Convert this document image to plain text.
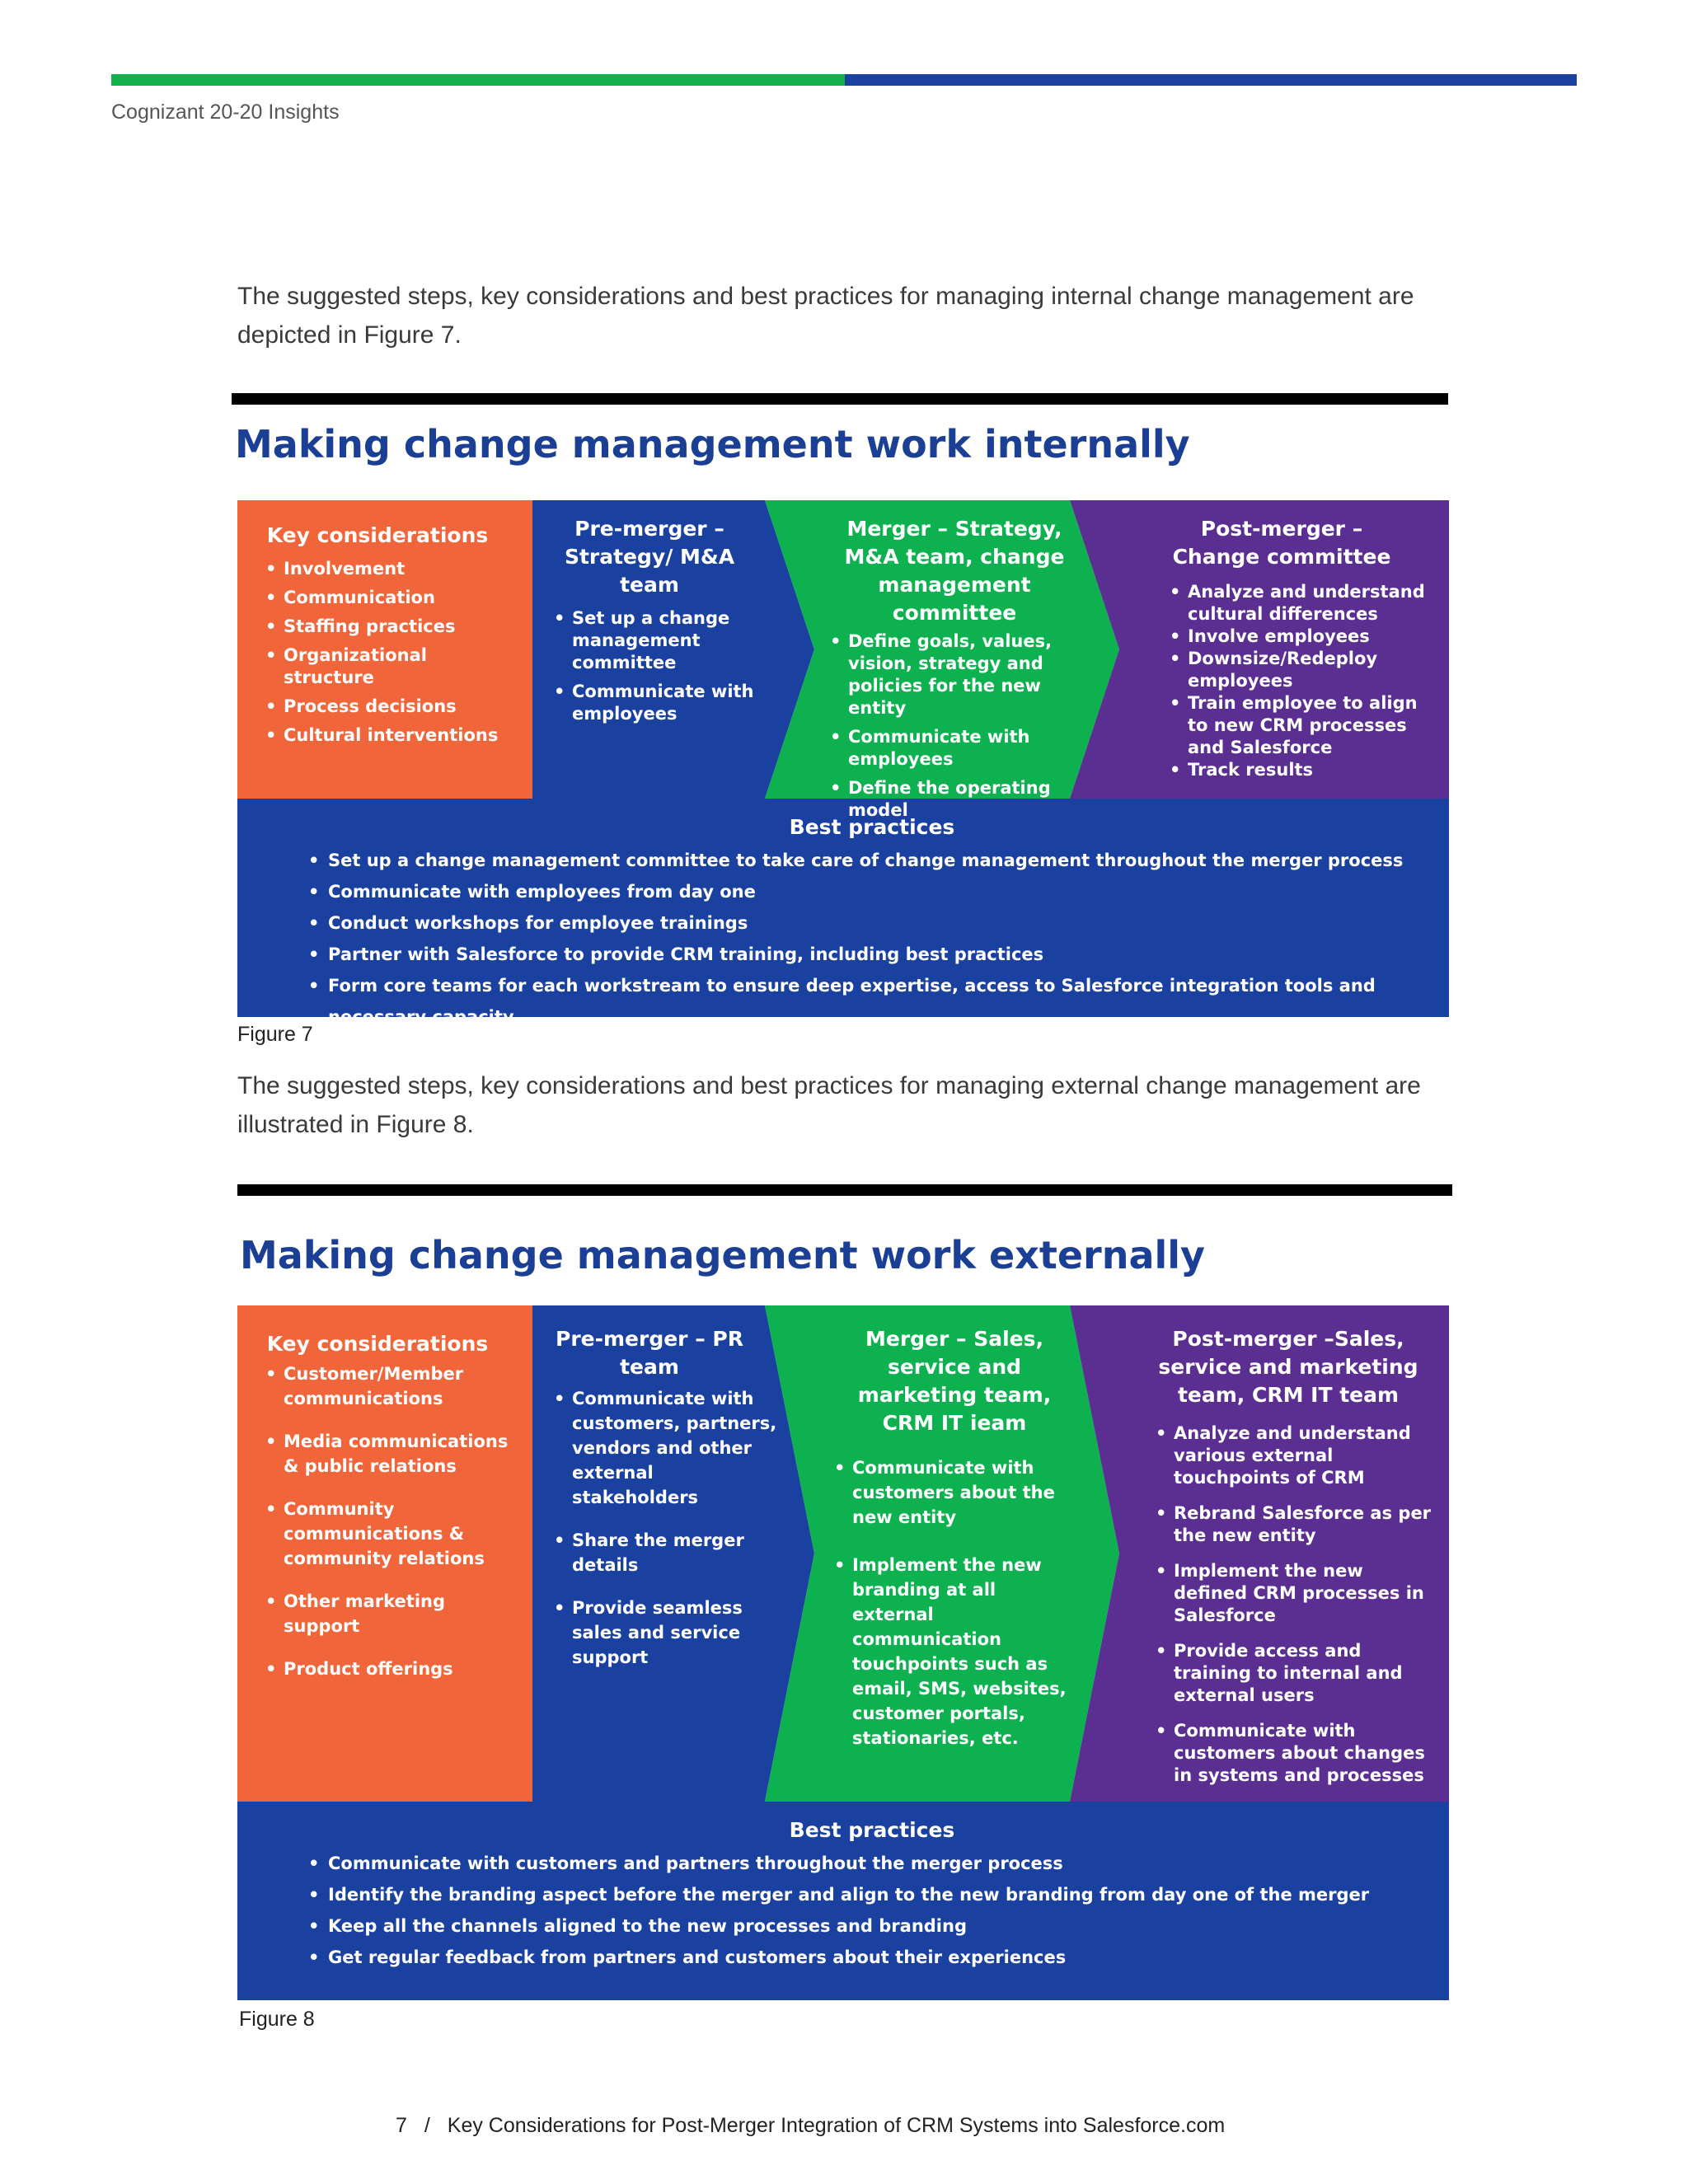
Cognizant 20-20 Insights

The suggested steps, key considerations and best practices for managing internal change management are depicted in Figure 7.

Making change management work internally
Key considerations
• Involvement
• Communication
• Staffing practices
• Organizational structure
• Process decisions
• Cultural interventions
Pre-merger – Strategy/ M&A team
• Set up a change management committee
• Communicate with employees
Merger – Strategy, M&A team, change management committee
• Define goals, values, vision, strategy and policies for the new entity
• Communicate with employees
• Define the operating model
Post-merger – Change committee
• Analyze and understand cultural differences
• Involve employees
• Downsize/Redeploy employees
• Train employee to align to new CRM processes and Salesforce
• Track results
Best practices
• Set up a change management committee to take care of change management throughout the merger process
• Communicate with employees from day one
• Conduct workshops for employee trainings
• Partner with Salesforce to provide CRM training, including best practices
• Form core teams for each workstream to ensure deep expertise, access to Salesforce integration tools and necessary capacity
Figure 7

The suggested steps, key considerations and best practices for managing external change management are illustrated in Figure 8.

Making change management work externally
Key considerations
• Customer/Member communications
• Media communications & public relations
• Community communications & community relations
• Other marketing support
• Product offerings
Pre-merger – PR team
• Communicate with customers, partners, vendors and other external stakeholders
• Share the merger details
• Provide seamless sales and service support
Merger – Sales, service and marketing team, CRM IT ieam
• Communicate with customers about the new entity
• Implement the new branding at all external communication touchpoints such as email, SMS, websites, customer portals, stationaries, etc.
Post-merger –Sales, service and marketing team, CRM IT team
• Analyze and understand various external touchpoints of CRM
• Rebrand Salesforce as per the new entity
• Implement the new defined CRM processes in Salesforce
• Provide access and training to internal and external users
• Communicate with customers about changes in systems and processes
Best practices
• Communicate with customers and partners throughout the merger process
• Identify the branding aspect before the merger and align to the new branding from day one of the merger
• Keep all the channels aligned to the new processes and branding
• Get regular feedback from partners and customers about their experiences
Figure 8
7 / Key Considerations for Post-Merger Integration of CRM Systems into Salesforce.com
